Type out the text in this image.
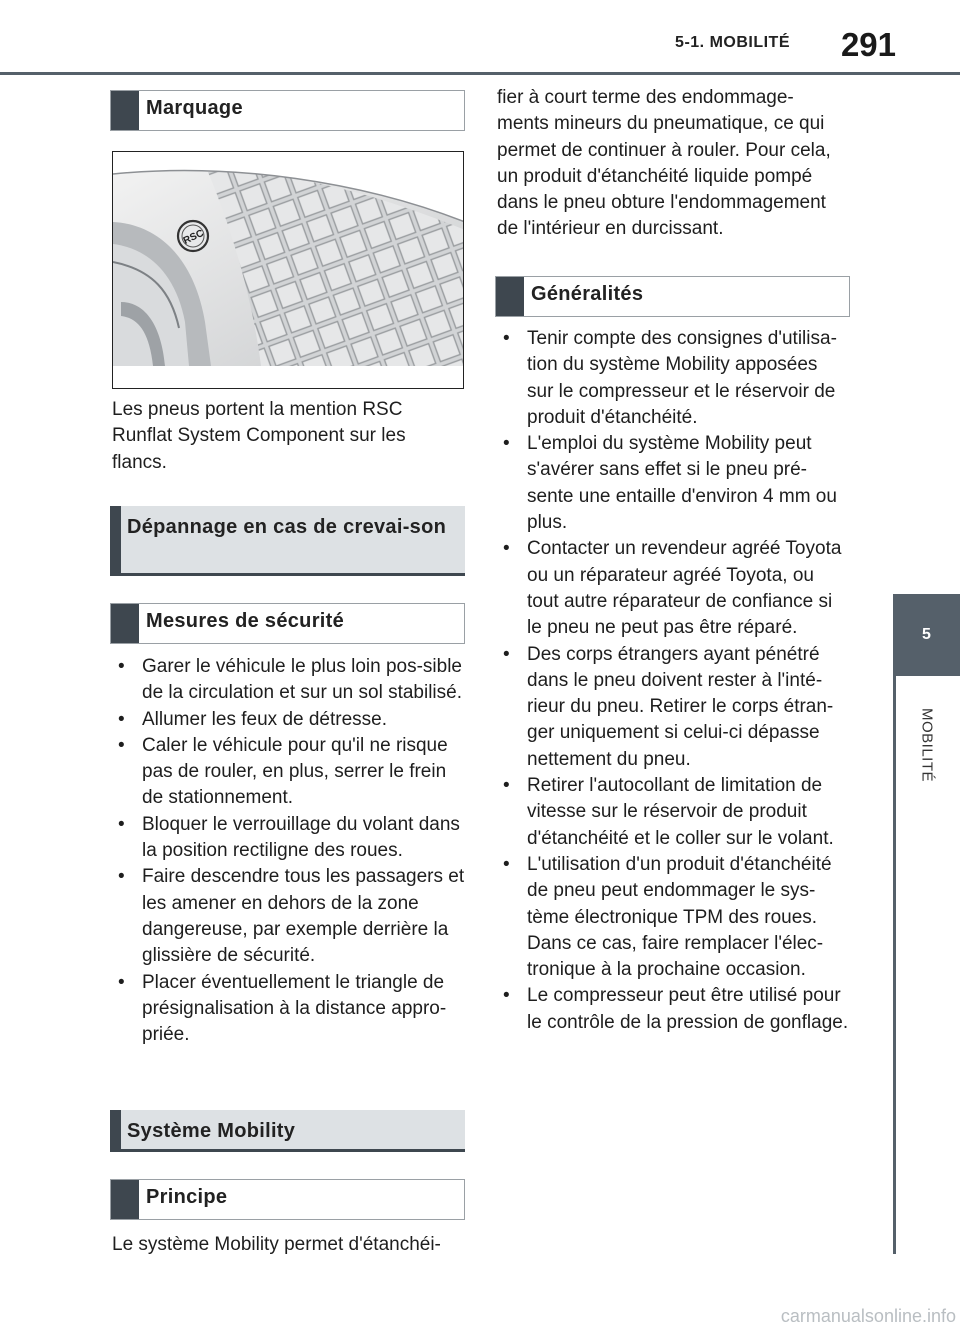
5-1. MOBILITÉ	291
5
MOBILITÉ
Marquage
RSC

Les pneus portent la mention RSC Runflat System Component sur les flancs.

Dépannage en cas de crevai-son
Mesures de sécurité
• Garer le véhicule le plus loin pos-sible de la circulation et sur un sol stabilisé.
• Allumer les feux de détresse.
• Caler le véhicule pour qu'il ne risque pas de rouler, en plus, serrer le frein de stationnement.
• Bloquer le verrouillage du volant dans la position rectiligne des roues.
• Faire descendre tous les passagers et les amener en dehors de la zone dangereuse, par exemple derrière la glissière de sécurité.
• Placer éventuellement le triangle de présignalisation à la distance appro-priée.
Système Mobility
Principe

Le système Mobility permet d'étanchéi-

fier à court terme des endommage-ments mineurs du pneumatique, ce qui permet de continuer à rouler. Pour cela, un produit d'étanchéité liquide pompé dans le pneu obture l'endommagement de l'intérieur en durcissant.

Généralités
• Tenir compte des consignes d'utilisa-tion du système Mobility apposées sur le compresseur et le réservoir de produit d'étanchéité.
• L'emploi du système Mobility peut s'avérer sans effet si le pneu pré-sente une entaille d'environ 4 mm ou plus.
• Contacter un revendeur agréé Toyota ou un réparateur agréé Toyota, ou tout autre réparateur de confiance si le pneu ne peut pas être réparé.
• Des corps étrangers ayant pénétré dans le pneu doivent rester à l'inté-rieur du pneu. Retirer le corps étran-ger uniquement si celui-ci dépasse nettement du pneu.
• Retirer l'autocollant de limitation de vitesse sur le réservoir de produit d'étanchéité et le coller sur le volant.
• L'utilisation d'un produit d'étanchéité de pneu peut endommager le sys-tème électronique TPM des roues. Dans ce cas, faire remplacer l'élec-tronique à la prochaine occasion.
• Le compresseur peut être utilisé pour le contrôle de la pression de gonflage.
carmanualsonline.info
